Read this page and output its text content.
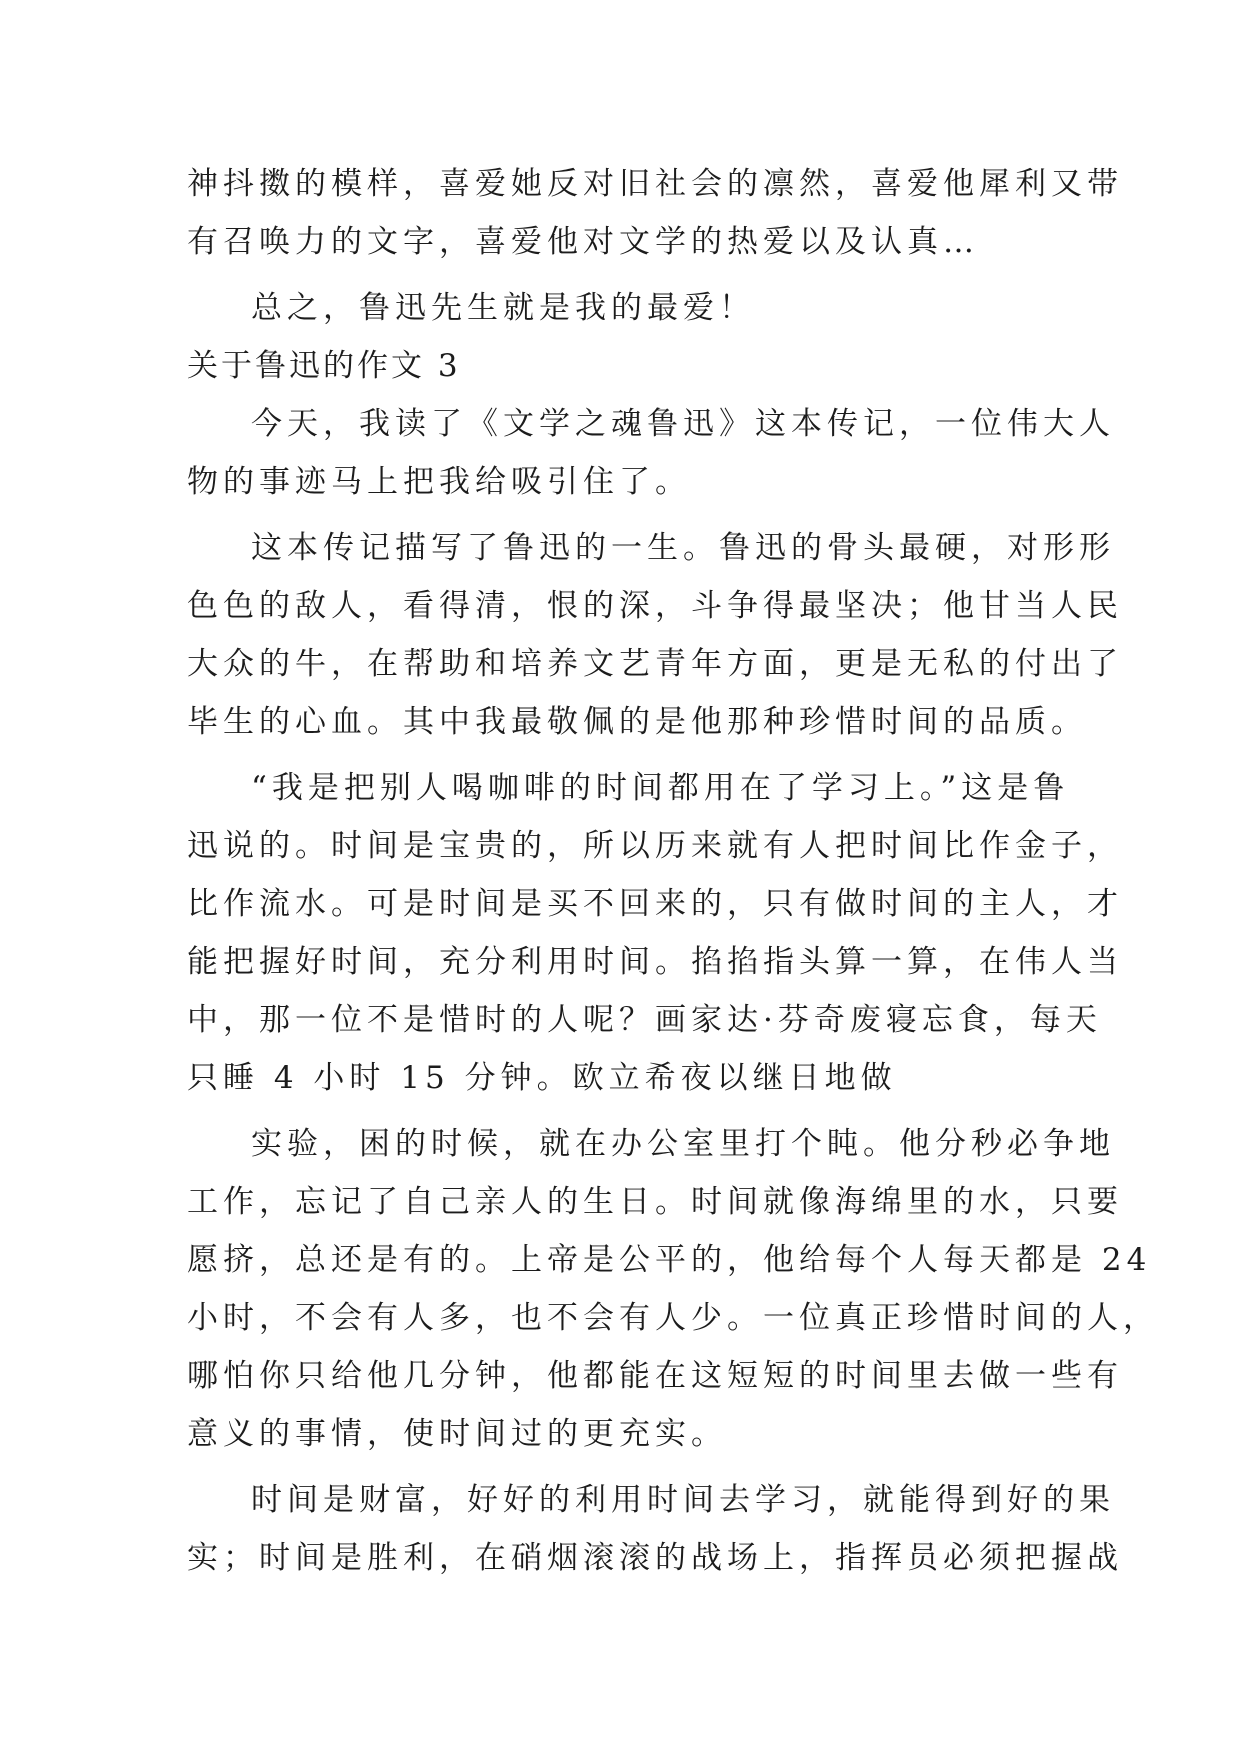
神抖擞的模样，喜爱她反对旧社会的凛然，喜爱他犀利又带
有召唤力的文字，喜爱他对文学的热爱以及认真…
总之，鲁迅先生就是我的最爱！
关于鲁迅的作文 3
今天，我读了《文学之魂鲁迅》这本传记，一位伟大人
物的事迹马上把我给吸引住了。
这本传记描写了鲁迅的一生。鲁迅的骨头最硬，对形形
色色的敌人，看得清，恨的深，斗争得最坚决；他甘当人民
大众的牛，在帮助和培养文艺青年方面，更是无私的付出了
毕生的心血。其中我最敬佩的是他那种珍惜时间的品质。
“我是把别人喝咖啡的时间都用在了学习上。”这是鲁
迅说的。时间是宝贵的，所以历来就有人把时间比作金子，
比作流水。可是时间是买不回来的，只有做时间的主人，才
能把握好时间，充分利用时间。掐掐指头算一算，在伟人当
中，那一位不是惜时的人呢？画家达·芬奇废寝忘食，每天
只睡 4 小时 15 分钟。欧立希夜以继日地做
实验，困的时候，就在办公室里打个盹。他分秒必争地
工作，忘记了自己亲人的生日。时间就像海绵里的水，只要
愿挤，总还是有的。上帝是公平的，他给每个人每天都是 24
小时，不会有人多，也不会有人少。一位真正珍惜时间的人，
哪怕你只给他几分钟，他都能在这短短的时间里去做一些有
意义的事情，使时间过的更充实。
时间是财富，好好的利用时间去学习，就能得到好的果
实；时间是胜利，在硝烟滚滚的战场上，指挥员必须把握战
